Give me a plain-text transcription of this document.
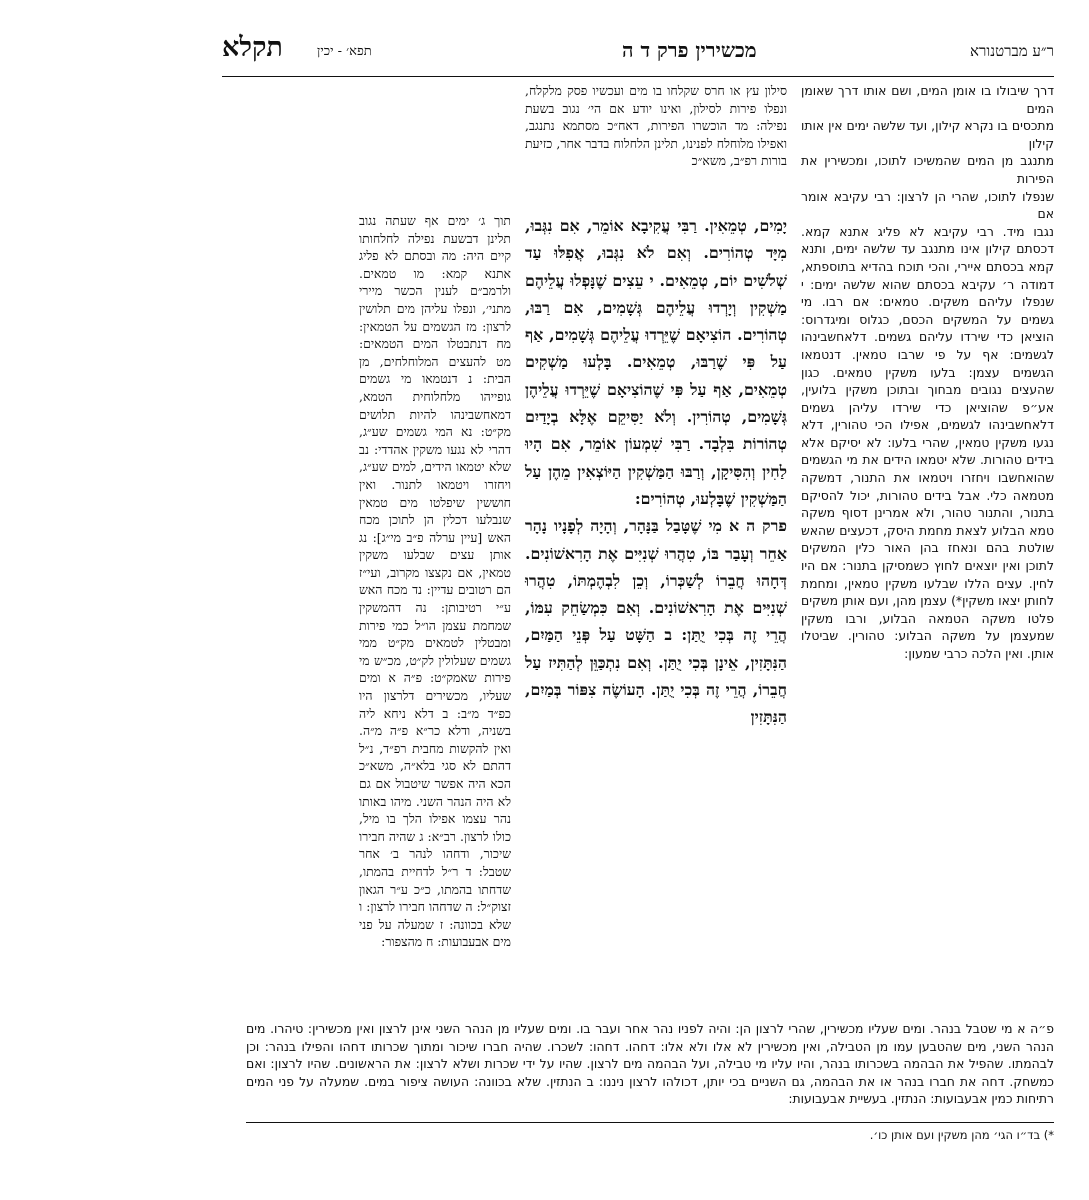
תקלא	תפא׳ - יכין	מכשירין פרק ד ה	ר״ע מברטנורא

דרך שיבולו בו אומן המים, ושם אותו דרך שאומן המים

מתכסים בו נקרא קילון, ועד שלשה ימים אין אותו קילון

מתנגב מן המים שהמשיכו לתוכו, ומכשירין את הפירות

שנפלו לתוכו, שהרי הן לרצון: רבי עקיבא אומר אם

נגבו מיד. רבי עקיבא לא פליג אתנא קמא. דכסתם קילון אינו מתנגב עד שלשה ימים, ותנא קמא בכסתם איירי, והכי תוכח בהדיא בתוספתא, דמודה ר׳ עקיבא בכסתם שהוא שלשה ימים: י שנפלו עליהם משקים. טמאים: אם רבו. מי גשמים על המשקים הכסם, כגלוס ומיגדרוס: הוציאן כדי שירדו עליהם גשמים. דלאחשבינהו לגשמים: אף על פי שרבו טמאין. דנטמאו הגשמים עצמן: בלעו משקין טמאים. כגון שהעצים נגובים מבחוך ובתוכן משקין בלועין, אע״פ שהוציאן כדי שירדו עליהן גשמים דלאחשבינהו לגשמים, אפילו הכי טהורין, דלא נגעו משקין טמאין, שהרי בלעו: לא יסיקם אלא בידים טהורות. שלא יטמאו הידים את מי הגשמים שהואחשבו ויחזרו ויטמאו את התנור, דמשקה מטמאה כלי. אבל בידים טהורות, יכול להסיקם בתנור, והתנור טהור, ולא אמרינן דסוף משקה טמא הבלוע לצאת מחמת היסק, דכעצים שהאש שולטת בהם ונאחז בהן האור כלין המשקים לתוכן ואין יוצאים לחוץ כשמסיקן בתנור: אם היו לחין. עצים הללו שבלעו משקין טמאין, ומחמת לחותן יצאו משקין*) עצמן מהן, ועם אותן משקים פלטו משקה הטמאה הבלוע, ורבו משקין שמעצמן על משקה הבלוע: טהורין. שביטלו אותן. ואין הלכה כרבי שמעון:

סילון עץ או חרס שקלחו בו מים ועכשיו פסק מלקלח, ונפלו פירות לסילון, ואינו יודע אם הי׳ נגוב בשעת נפילה: מד הוכשרו הפירות, דאח״כ מסתמא נתנגב, ואפילו מלוחלח לפנינו, תלינן הלחלוח בדבר אחר, כזיעת בורות רפ״ב, משא״כ

יָמִים, טְמֵאִין. רַבִּי עֲקִיבָא אוֹמֵר, אִם נִגְּבוּ, מִיָּד טְהוֹרִים. וְאִם לֹא נִגְּבוּ, אֲפִלּוּ עַד שְׁלֹשִׁים יוֹם, טְמֵאִים. י עֵצִים שֶׁנָּפְלוּ עֲלֵיהֶם מַשְׁקִין וְיָרְדוּ עֲלֵיהֶם גְּשָׁמִים, אִם רַבּוּ, טְהוֹרִים. הוֹצִיאָם שֶׁיֵּרְדוּ עֲלֵיהֶם גְּשָׁמִים, אַף עַל פִּי שֶׁרַבּוּ, טְמֵאִים. בָּלְעוּ מַשְׁקִים טְמֵאִים, אַף עַל פִּי שֶׁהוֹצִיאָם שֶׁיֵּרְדוּ עֲלֵיהֶן גְּשָׁמִים, טְהוֹרִין. וְלֹא יַסִּיקֵם אֶלָּא בְיָדַיִם טְהוֹרוֹת בִּלְבָד. רַבִּי שִׁמְעוֹן אוֹמֵר, אִם הָיוּ לַחִין וְהִסִּיקָן, וְרַבּוּ הַמַּשְׁקִין הַיּוֹצְאִין מֵהֶן עַל הַמַּשְׁקִין שֶׁבָּלְעוּ, טְהוֹרִים:

פרק ה א מִי שֶׁטָּבַל בַּנָּהָר, וְהָיָה לְפָנָיו נָהָר אַחֵר וְעָבַר בּוֹ, טִהֲרוּ שְׁנִיִּים אֶת הָרִאשׁוֹנִים. דְּחָהוּ חֲבֵרוֹ לְשַׁכְּרוֹ, וְכֵן לִבְהֶמְתּוֹ, טִהֲרוּ שְׁנִיִּים אֶת הָרִאשׁוֹנִים. וְאִם כִּמְשַׂחֵק עִמּוֹ, הֲרֵי זֶה בְּכִי יֻתַּן: ב הַשָּׁט עַל פְּנֵי הַמַּיִם, הַנִּתָּזִין, אֵינָן בְּכִי יֻתַּן. וְאִם נִתְכַּוֵּן לְהַתִּיז עַל חֲבֵרוֹ, הֲרֵי זֶה בְּכִי יֻתַּן. הָעוֹשֶׂה צִפּוֹר בְּמַיִם, הַנִּתָּזִין

תוך ג׳ ימים אף שעתה נגוב תלינן דבשעת נפילה לחלחותו קיים היה: מה ובסתם לא פליג אתנא קמא: מו טמאים. ולרמב״ם לענין הכשר מיירי מתני׳, ונפלו עליהן מים תלושין לרצון: מז הגשמים על הטמאין: מח דנתבטלו המים הטמאים: מט להעצים המלוחלחים, מן הבית: נ דנטמאו מי גשמים גופייהו מלחלוחית הטמא, דמאחשבינהו להיות תלושים מק״ט: נא המי גשמים שע״ג, דהרי לא נגעו משקין אהדדי: נב שלא יטמאו הידים, למים שע״ג, ויחזרו ויטמאו לתנור. ואין חוששין שיפלטו מים טמאין שנבלעו דכלין הן לתוכן מכח האש [עיין ערלה פ״ב מי״ג]: נג אותן עצים שבלעו משקין טמאין, אם נקצצו מקרוב, ועי״ז הם רטובים עדיין: נד מכח האש ע״י רטיבותן: נה דהמשקין שמחמת עצמן הו״ל כמי פירות ומבטלין לטמאים מק״ט ממי גשמים שעלולין לק״ט, מכ״ש מי פירות שאמק״ט: פ״ה א ומים שעליו, מכשירים דלרצון היו כפ״ד מ״ב: ב דלא ניחא ליה בשניה, ודלא כר״א פ״ה מ״ה. ואין להקשות מחבית רפ״ד, נ״ל דהתם לא סגי בלא״ה, משא״כ הכא היה אפשר שיטבול אם גם לא היה הנהר השני. מיהו באותו נהר עצמו אפילו הלך בו מיל, כולו לרצון. רב״א: ג שהיה חבירו שיכור, ודחהו לנהר ב׳ אחר שטבל: ד ר״ל לדחיית בהמתו, שדחתו בהמתו, כ״כ ע״ר הגאון זצוק״ל: ה שדחהו חבירו לרצון: ו שלא בכוונה: ז שמעלה על פני מים אבעבועות: ח מהצפור:

פ״ה א מי שטבל בנהר. ומים שעליו מכשירין, שהרי לרצון הן: והיה לפניו נהר אחר ועבר בו. ומים שעליו מן הנהר השני אינן לרצון ואין מכשירין: טיהרו. מים הנהר השני, מים שהטבען עמו מן הטבילה, ואין מכשירין לא אלו ולא אלו: דחהו. דחהו: לשכרו. שהיה חברו שיכור ומתוך שכרותו דחהו והפילו בנהר: וכן לבהמתו. שהפיל את הבהמה בשכרותו בנהר, והיו עליו מי טבילה, ועל הבהמה מים לרצון. שהיו על ידי שכרות ושלא לרצון: את הראשונים. שהיו לרצון: ואם כמשחק. דחה את חברו בנהר או את הבהמה, גם השניים בכי יותן, דכולהו לרצון ניננו: ב הנתזין. שלא בכוונה: העושה ציפור במים. שמעלה על פני המים רתיחות כמין אבעבועות: הנתזין. בעשיית אבעבועות:

*) בד״ו הגי׳ מהן משקין ועם אותן כו׳.
